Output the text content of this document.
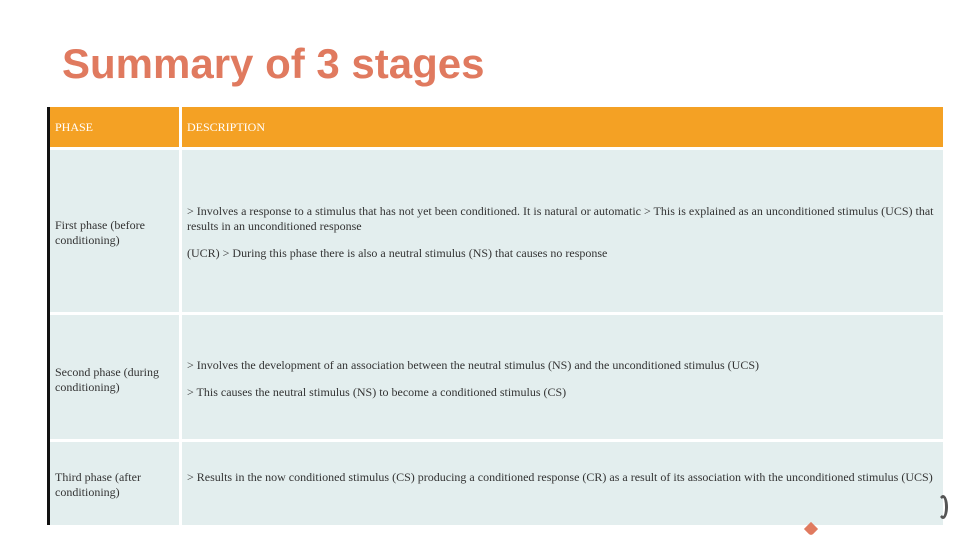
Summary of 3 stages
PHASE	DESCRIPTION
First phase (before conditioning)
> Involves a response to a stimulus that has not yet been conditioned. It is natural or automatic > This is explained as an unconditioned stimulus (UCS) that results in an unconditioned response
(UCR) > During this phase there is also a neutral stimulus (NS) that causes no response
Second phase (during conditioning)
> Involves the development of an association between the neutral stimulus (NS) and the unconditioned stimulus (UCS)
> This causes the neutral stimulus (NS) to become a conditioned stimulus (CS)
Third phase (after conditioning)
> Results in the now conditioned stimulus (CS) producing a conditioned response (CR) as a result of its association with the unconditioned stimulus (UCS)
